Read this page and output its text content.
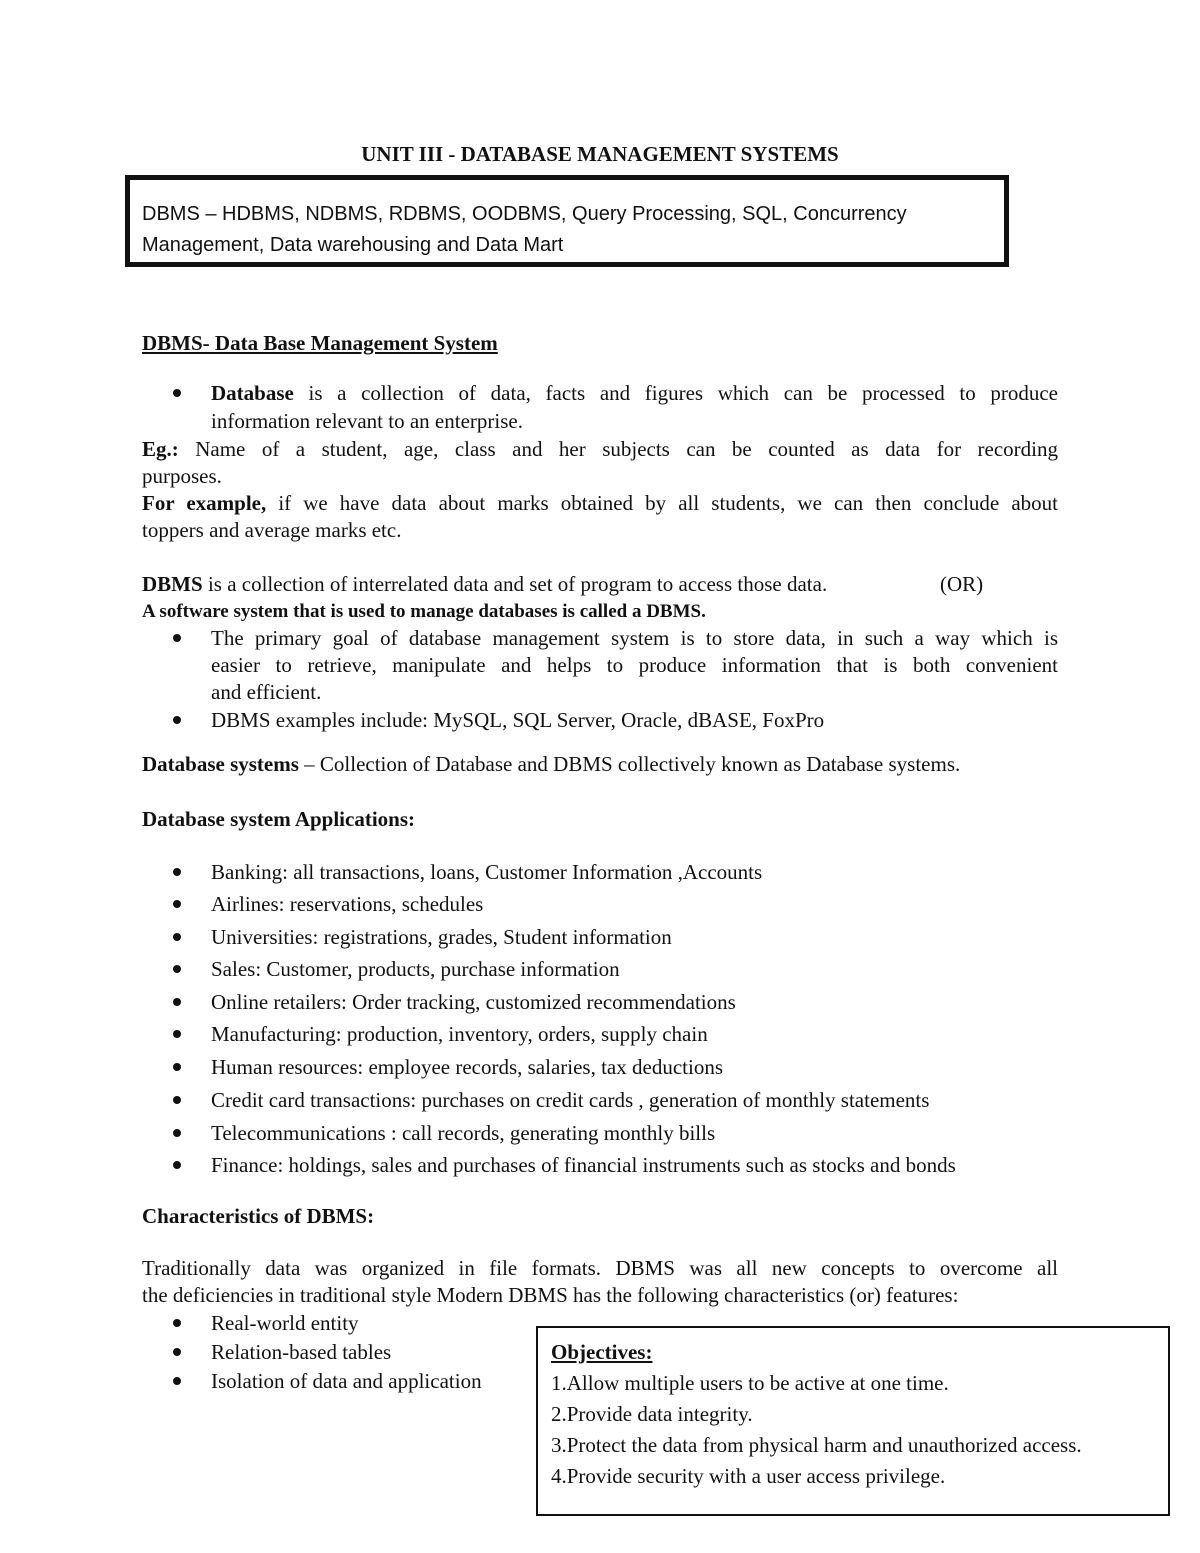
UNIT III - DATABASE MANAGEMENT SYSTEMS
DBMS – HDBMS, NDBMS, RDBMS, OODBMS, Query Processing, SQL, Concurrency
Management, Data warehousing and Data Mart
DBMS- Data Base Management System
Database is a collection of data, facts and figures which can be processed to produce
information relevant to an enterprise.
Eg.: Name of a student, age, class and her subjects can be counted as data for recording
purposes.
For example, if we have data about marks obtained by all students, we can then conclude about
toppers and average marks etc.
DBMS is a collection of interrelated data and set of program to access those data.	(OR)
A software system that is used to manage databases is called a DBMS.
The primary goal of database management system is to store data, in such a way which is
easier to retrieve, manipulate and helps to produce information that is both convenient
and efficient.
DBMS examples include: MySQL, SQL Server, Oracle, dBASE, FoxPro
Database systems – Collection of Database and DBMS collectively known as Database systems.
Database system Applications:
Banking: all transactions, loans, Customer Information ,Accounts
Airlines: reservations, schedules
Universities: registrations, grades, Student information
Sales: Customer, products, purchase information
Online retailers: Order tracking, customized recommendations
Manufacturing: production, inventory, orders, supply chain
Human resources: employee records, salaries, tax deductions
Credit card transactions: purchases on credit cards , generation of monthly statements
Telecommunications : call records, generating monthly bills
Finance: holdings, sales and purchases of financial instruments such as stocks and bonds
Characteristics of DBMS:
Traditionally data was organized in file formats. DBMS was all new concepts to overcome all
the deficiencies in traditional style Modern DBMS has the following characteristics (or) features:
Real-world entity
Relation-based tables
Isolation of data and application
Objectives:
1.Allow multiple users to be active at one time.
2.Provide data integrity.
3.Protect the data from physical harm and unauthorized access.
4.Provide security with a user access privilege.
